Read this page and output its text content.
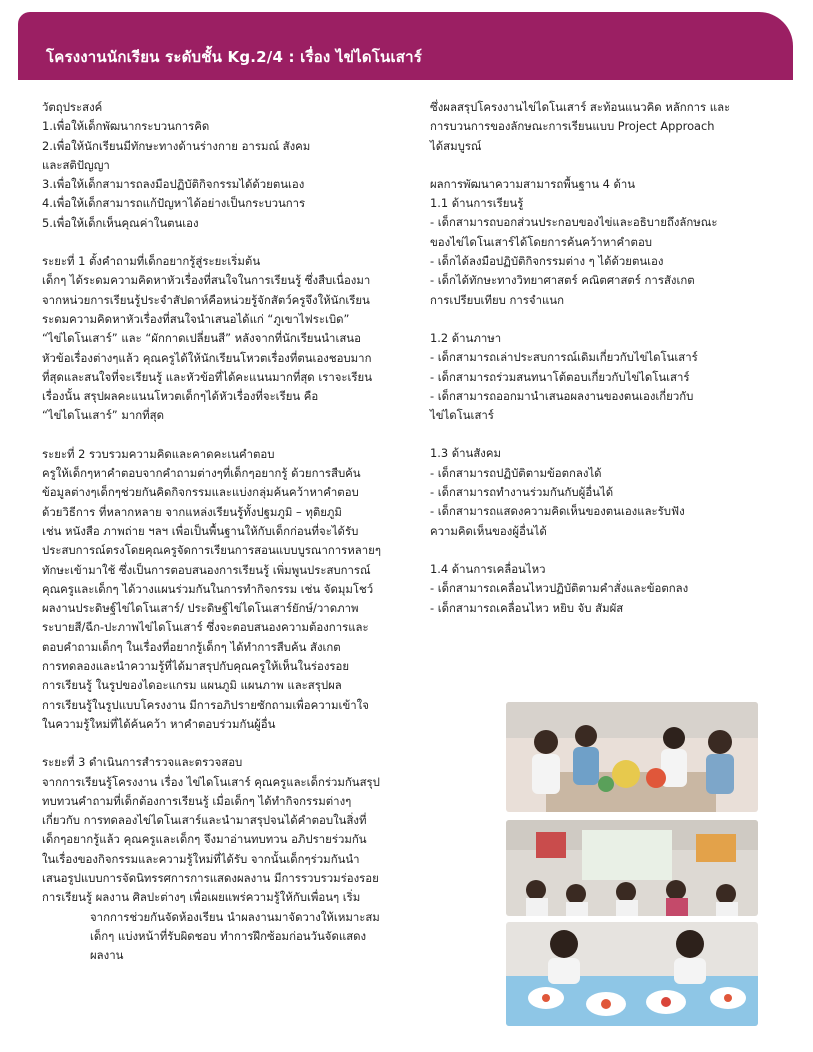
โครงงานนักเรียน ระดับชั้น Kg.2/4 : เรื่อง ไข่ไดโนเสาร์

วัตถุประสงค์

1.เพื่อให้เด็กพัฒนากระบวนการคิด

2.เพื่อให้นักเรียนมีทักษะทางด้านร่างกาย อารมณ์ สังคม

และสติปัญญา

3.เพื่อให้เด็กสามารถลงมือปฏิบัติกิจกรรมได้ด้วยตนเอง

4.เพื่อให้เด็กสามารถแก้ปัญหาได้อย่างเป็นกระบวนการ

5.เพื่อให้เด็กเห็นคุณค่าในตนเอง

ระยะที่ 1 ตั้งคำถามที่เด็กอยากรู้สู่ระยะเริ่มต้น

เด็กๆ ได้ระดมความคิดหาหัวเรื่องที่สนใจในการเรียนรู้ ซึ่งสืบเนื่องมา

จากหน่วยการเรียนรู้ประจำสัปดาห์คือหน่วยรู้จักสัตว์ครูจึงให้นักเรียน

ระดมความคิดหาหัวเรื่องที่สนใจนำเสนอได้แก่ “ภูเขาไฟระเบิด”

“ไข่ไดโนเสาร์” และ “ผักกาดเปลี่ยนสี” หลังจากที่นักเรียนนำเสนอ

หัวข้อเรื่องต่างๆแล้ว คุณครูได้ให้นักเรียนโหวตเรื่องที่ตนเองชอบมาก

ที่สุดและสนใจที่จะเรียนรู้ และหัวข้อที่ได้คะแนนมากที่สุด เราจะเรียน

เรื่องนั้น สรุปผลคะแนนโหวตเด็กๆได้หัวเรื่องที่จะเรียน คือ

“ไข่ไดโนเสาร์” มากที่สุด

ระยะที่ 2 รวบรวมความคิดและคาดคะเนคำตอบ

ครูให้เด็กๆหาคำตอบจากคำถามต่างๆที่เด็กๆอยากรู้ ด้วยการสืบค้น

ข้อมูลต่างๆเด็กๆช่วยกันคิดกิจกรรมและแบ่งกลุ่มค้นคว้าหาคำตอบ

ด้วยวิธีการ ที่หลากหลาย จากแหล่งเรียนรู้ทั้งปฐมภูมิ – ทุติยภูมิ

เช่น หนังสือ ภาพถ่าย ฯลฯ เพื่อเป็นพื้นฐานให้กับเด็กก่อนที่จะได้รับ

ประสบการณ์ตรงโดยคุณครูจัดการเรียนการสอนแบบบูรณาการหลายๆ

ทักษะเข้ามาใช้ ซึ่งเป็นการตอบสนองการเรียนรู้ เพิ่มพูนประสบการณ์

คุณครูและเด็กๆ ได้วางแผนร่วมกันในการทำกิจกรรม เช่น จัดมุมโชว์

ผลงานประดิษฐ์ไข่ไดโนเสาร์/ ประดิษฐ์ไข่ไดโนเสาร์ยักษ์/วาดภาพ

ระบายสี/ฉีก-ปะภาพไข่ไดโนเสาร์ ซึ่งจะตอบสนองความต้องการและ

ตอบคำถามเด็กๆ ในเรื่องที่อยากรู้เด็กๆ ได้ทำการสืบค้น สังเกต

การทดลองและนำความรู้ที่ได้มาสรุปกับคุณครูให้เห็นในร่องรอย

การเรียนรู้ ในรูปของไดอะแกรม แผนภูมิ แผนภาพ และสรุปผล

การเรียนรู้ในรูปแบบโครงงาน มีการอภิปรายซักถามเพื่อความเข้าใจ

ในความรู้ใหม่ที่ได้ค้นคว้า หาคำตอบร่วมกันผู้อื่น

ระยะที่ 3 ดำเนินการสำรวจและตรวจสอบ

จากการเรียนรู้โครงงาน เรื่อง ไข่ไดโนเสาร์ คุณครูและเด็กร่วมกันสรุป

ทบทวนคำถามที่เด็กต้องการเรียนรู้ เมื่อเด็กๆ ได้ทำกิจกรรมต่างๆ

เกี่ยวกับ การทดลองไข่ไดโนเสาร์และนำมาสรุปจนได้คำตอบในสิ่งที่

เด็กๆอยากรู้แล้ว คุณครูและเด็กๆ จึงมาอ่านทบทวน อภิปรายร่วมกัน

ในเรื่องของกิจกรรมและความรู้ใหม่ที่ได้รับ จากนั้นเด็กๆร่วมกันนำ

เสนอรูปแบบการจัดนิทรรศการการแสดงผลงาน มีการรวบรวมร่องรอย

การเรียนรู้ ผลงาน ศิลปะต่างๆ เพื่อเผยแพร่ความรู้ให้กับเพื่อนๆ เริ่ม

จากการช่วยกันจัดห้องเรียน นำผลงานมาจัดวางให้เหมาะสม

เด็กๆ แบ่งหน้าที่รับผิดชอบ ทำการฝึกซ้อมก่อนวันจัดแสดง

ผลงาน

ซึ่งผลสรุปโครงงานไข่ไดโนเสาร์ สะท้อนแนวคิด หลักการ และ

การบวนการของลักษณะการเรียนแบบ Project Approach

ได้สมบูรณ์

ผลการพัฒนาความสามารถพื้นฐาน 4 ด้าน

1.1 ด้านการเรียนรู้

- เด็กสามารถบอกส่วนประกอบของไข่และอธิบายถึงลักษณะ

ของไข่ไดโนเสาร์ได้โดยการค้นคว้าหาคำตอบ

- เด็กได้ลงมือปฏิบัติกิจกรรมต่าง ๆ ได้ด้วยตนเอง

- เด็กได้ทักษะทางวิทยาศาสตร์ คณิตศาสตร์ การสังเกต

การเปรียบเทียบ การจำแนก

1.2 ด้านภาษา

- เด็กสามารถเล่าประสบการณ์เดิมเกี่ยวกับไข่ไดโนเสาร์

- เด็กสามารถร่วมสนทนาโต้ตอบเกี่ยวกับไข่ไดโนเสาร์

- เด็กสามารถออกมานำเสนอผลงานของตนเองเกี่ยวกับ

ไข่ไดโนเสาร์

1.3 ด้านสังคม

- เด็กสามารถปฏิบัติตามข้อตกลงได้

- เด็กสามารถทำงานร่วมกันกับผู้อื่นได้

- เด็กสามารถแสดงความคิดเห็นของตนเองและรับฟัง

ความคิดเห็นของผู้อื่นได้

1.4 ด้านการเคลื่อนไหว

- เด็กสามารถเคลื่อนไหวปฏิบัติตามคำสั่งและข้อตกลง

- เด็กสามารถเคลื่อนไหว หยิบ จับ สัมผัส
